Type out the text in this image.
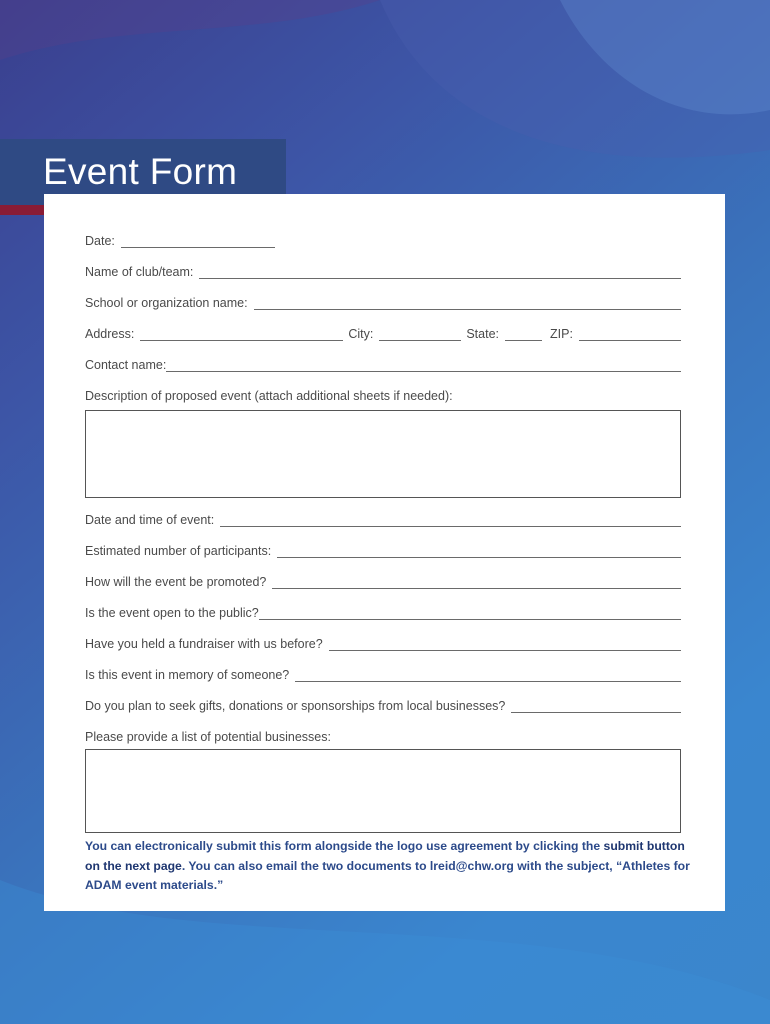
Event Form
Date:
Name of club/team:
School or organization name:
Address:	City:	State:	ZIP:
Contact name:
Description of proposed event (attach additional sheets if needed):
Date and time of event:
Estimated number of participants:
How will the event be promoted?
Is the event open to the public?
Have you held a fundraiser with us before?
Is this event in memory of someone?
Do you plan to seek gifts, donations or sponsorships from local businesses?
Please provide a list of potential businesses:
You can electronically submit this form alongside the logo use agreement by clicking the submit button on the next page. You can also email the two documents to lreid@chw.org with the subject, “Athletes for ADAM event materials.”
